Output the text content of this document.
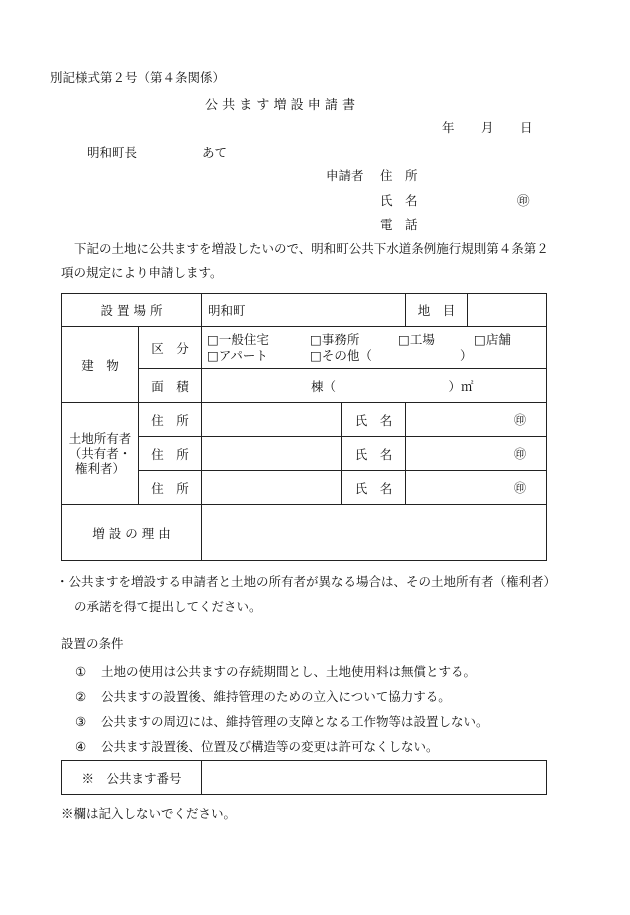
別記様式第２号（第４条関係）
公 共 ま す 増 設 申 請 書
年 月 日
明和町長	あて
申請者 住　所
氏　名	㊞
電　話
下記の土地に公共ますを増設したいので、明和町公共下水道条例施行規則第４条第２
項の規定により申請します。
設 置 場 所		明和町		地　目	
建　物	区　分	□一般住宅 □事務所 □工場 □店舗
□アパート □その他（ ）			

	面　積	棟（　　　　　　　　　）㎡			

土地所有者
（共有者・
権利者）	住　所		氏　名	㊞	
	住　所		氏　名	㊞	
	住　所		氏　名	㊞	
増 設 の 理 由					
・公共ますを増設する申請者と土地の所有者が異なる場合は、その土地所有者（権利者）
の承諾を得て提出してください。
設置の条件
① 土地の使用は公共ますの存続期間とし、土地使用料は無償とする。
② 公共ますの設置後、維持管理のための立入について協力する。
③ 公共ますの周辺には、維持管理の支障となる工作物等は設置しない。
④ 公共ます設置後、位置及び構造等の変更は許可なくしない。
※　公共ます番号	
※欄は記入しないでください。
